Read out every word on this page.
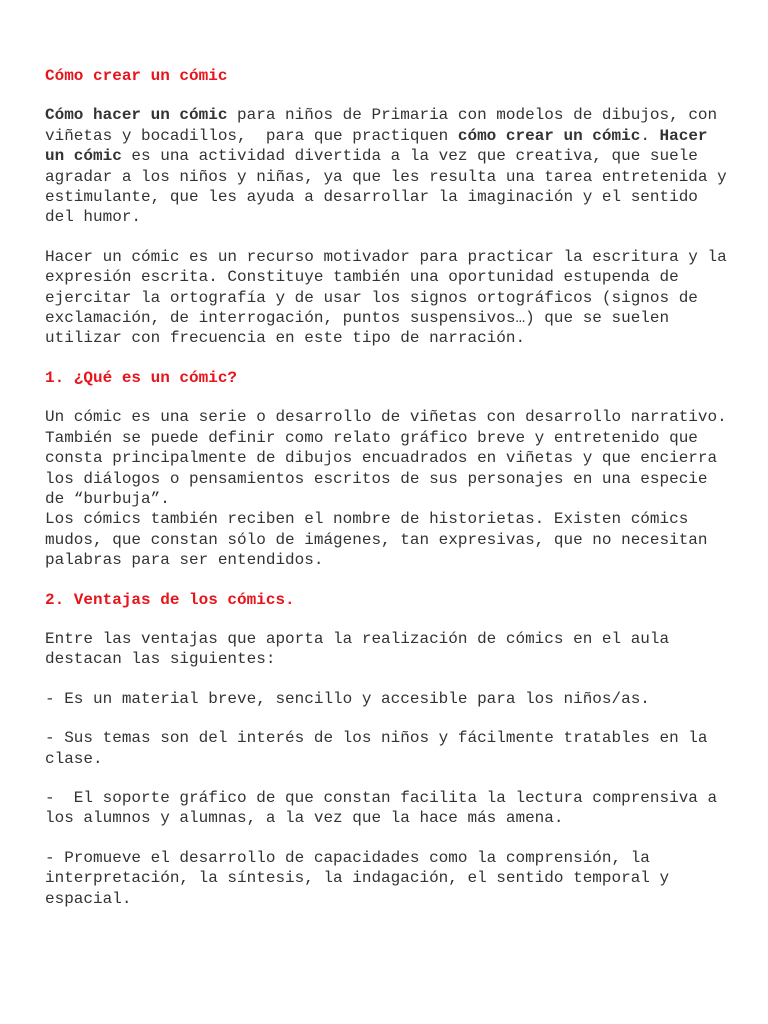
Cómo crear un cómic
Cómo hacer un cómic para niños de Primaria con modelos de dibujos, con viñetas y bocadillos,  para que practiquen cómo crear un cómic. Hacer un cómic es una actividad divertida a la vez que creativa, que suele agradar a los niños y niñas, ya que les resulta una tarea entretenida y estimulante, que les ayuda a desarrollar la imaginación y el sentido del humor.
Hacer un cómic es un recurso motivador para practicar la escritura y la expresión escrita. Constituye también una oportunidad estupenda de ejercitar la ortografía y de usar los signos ortográficos (signos de exclamación, de interrogación, puntos suspensivos…) que se suelen utilizar con frecuencia en este tipo de narración.
1. ¿Qué es un cómic?
Un cómic es una serie o desarrollo de viñetas con desarrollo narrativo. También se puede definir como relato gráfico breve y entretenido que consta principalmente de dibujos encuadrados en viñetas y que encierra los diálogos o pensamientos escritos de sus personajes en una especie de “burbuja”.
Los cómics también reciben el nombre de historietas. Existen cómics mudos, que constan sólo de imágenes, tan expresivas, que no necesitan palabras para ser entendidos.
2. Ventajas de los cómics.
Entre las ventajas que aporta la realización de cómics en el aula destacan las siguientes:
- Es un material breve, sencillo y accesible para los niños/as.
- Sus temas son del interés de los niños y fácilmente tratables en la clase.
-  El soporte gráfico de que constan facilita la lectura comprensiva a los alumnos y alumnas, a la vez que la hace más amena.
- Promueve el desarrollo de capacidades como la comprensión, la interpretación, la síntesis, la indagación, el sentido temporal y espacial.
